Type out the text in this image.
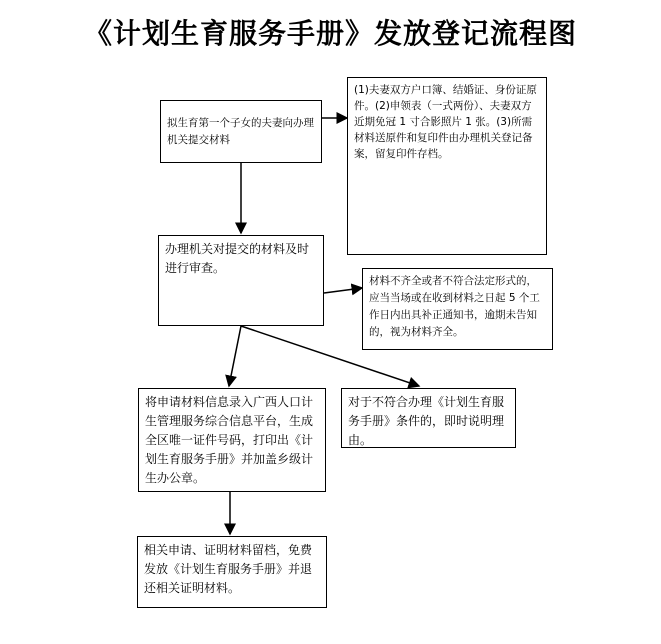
《计划生育服务手册》发放登记流程图

拟生育第一个子女的夫妻向办理机关提交材料

(1)夫妻双方户口簿、结婚证、身份证原件。(2)申领表（一式两份）、夫妻双方近期免冠 1 寸合影照片 1 张。(3)所需材料送原件和复印件由办理机关登记备案，留复印件存档。

办理机关对提交的材料及时进行审查。

材料不齐全或者不符合法定形式的，应当当场或在收到材料之日起 5 个工作日内出具补正通知书，逾期未告知的，视为材料齐全。

将申请材料信息录入广西人口计生管理服务综合信息平台，生成全区唯一证件号码，打印出《计划生育服务手册》并加盖乡级计生办公章。

对于不符合办理《计划生育服务手册》条件的，即时说明理由。

相关申请、证明材料留档，免费发放《计划生育服务手册》并退还相关证明材料。
